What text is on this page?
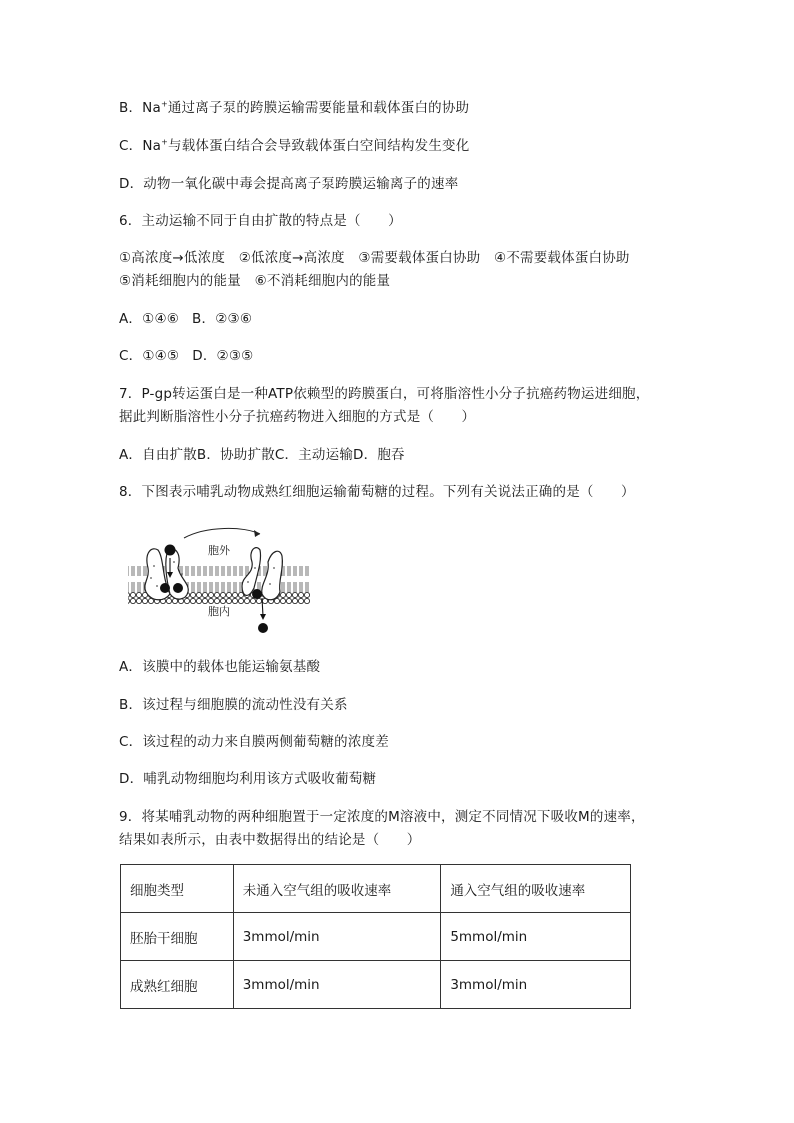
B．Na+通过离子泵的跨膜运输需要能量和载体蛋白的协助
C．Na+与载体蛋白结合会导致载体蛋白空间结构发生变化
D．动物一氧化碳中毒会提高离子泵跨膜运输离子的速率
6．主动运输不同于自由扩散的特点是（　　）
①高浓度→低浓度　②低浓度→高浓度　③需要载体蛋白协助　④不需要载体蛋白协助
⑤消耗细胞内的能量　⑥不消耗细胞内的能量
A．①④⑥ B．②③⑥
C．①④⑤ D．②③⑤
7．P-gp转运蛋白是一种ATP依赖型的跨膜蛋白，可将脂溶性小分子抗癌药物运进细胞，
据此判断脂溶性小分子抗癌药物进入细胞的方式是（　　）
A．自由扩散B．协助扩散C．主动运输D．胞吞
8．下图表示哺乳动物成熟红细胞运输葡萄糖的过程。下列有关说法正确的是（　　）
胞外
胞内
A．该膜中的载体也能运输氨基酸
B．该过程与细胞膜的流动性没有关系
C．该过程的动力来自膜两侧葡萄糖的浓度差
D．哺乳动物细胞均利用该方式吸收葡萄糖
9．将某哺乳动物的两种细胞置于一定浓度的M溶液中，测定不同情况下吸收M的速率，
结果如表所示，由表中数据得出的结论是（　　）
细胞类型	未通入空气组的吸收速率	通入空气组的吸收速率
胚胎干细胞	3mmol/min	5mmol/min
成熟红细胞	3mmol/min	3mmol/min
